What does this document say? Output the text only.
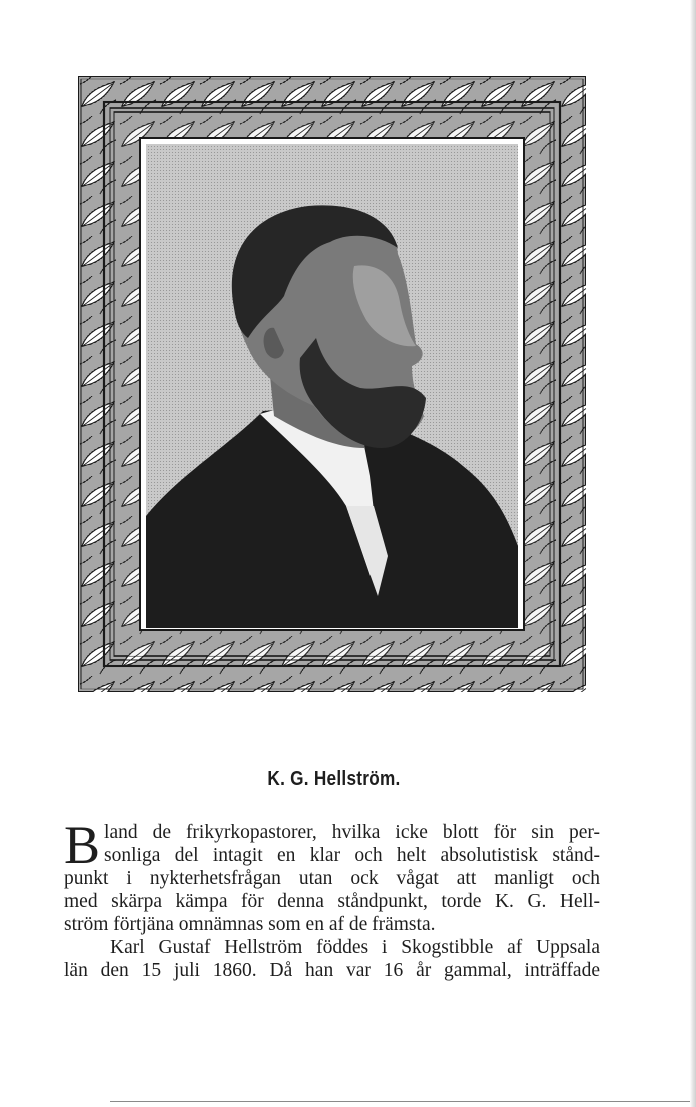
K. G. Hellström.
B land de frikyrkopastorer, hvilka icke blott för sin per-
sonliga del intagit en klar och helt absolutistisk stånd-
punkt i nykterhetsfrågan utan ock vågat att manligt och
med skärpa kämpa för denna ståndpunkt, torde K. G. Hell-
ström förtjäna omnämnas som en af de främsta.
Karl Gustaf Hellström föddes i Skogstibble af Uppsala
län den 15 juli 1860. Då han var 16 år gammal, inträffade
